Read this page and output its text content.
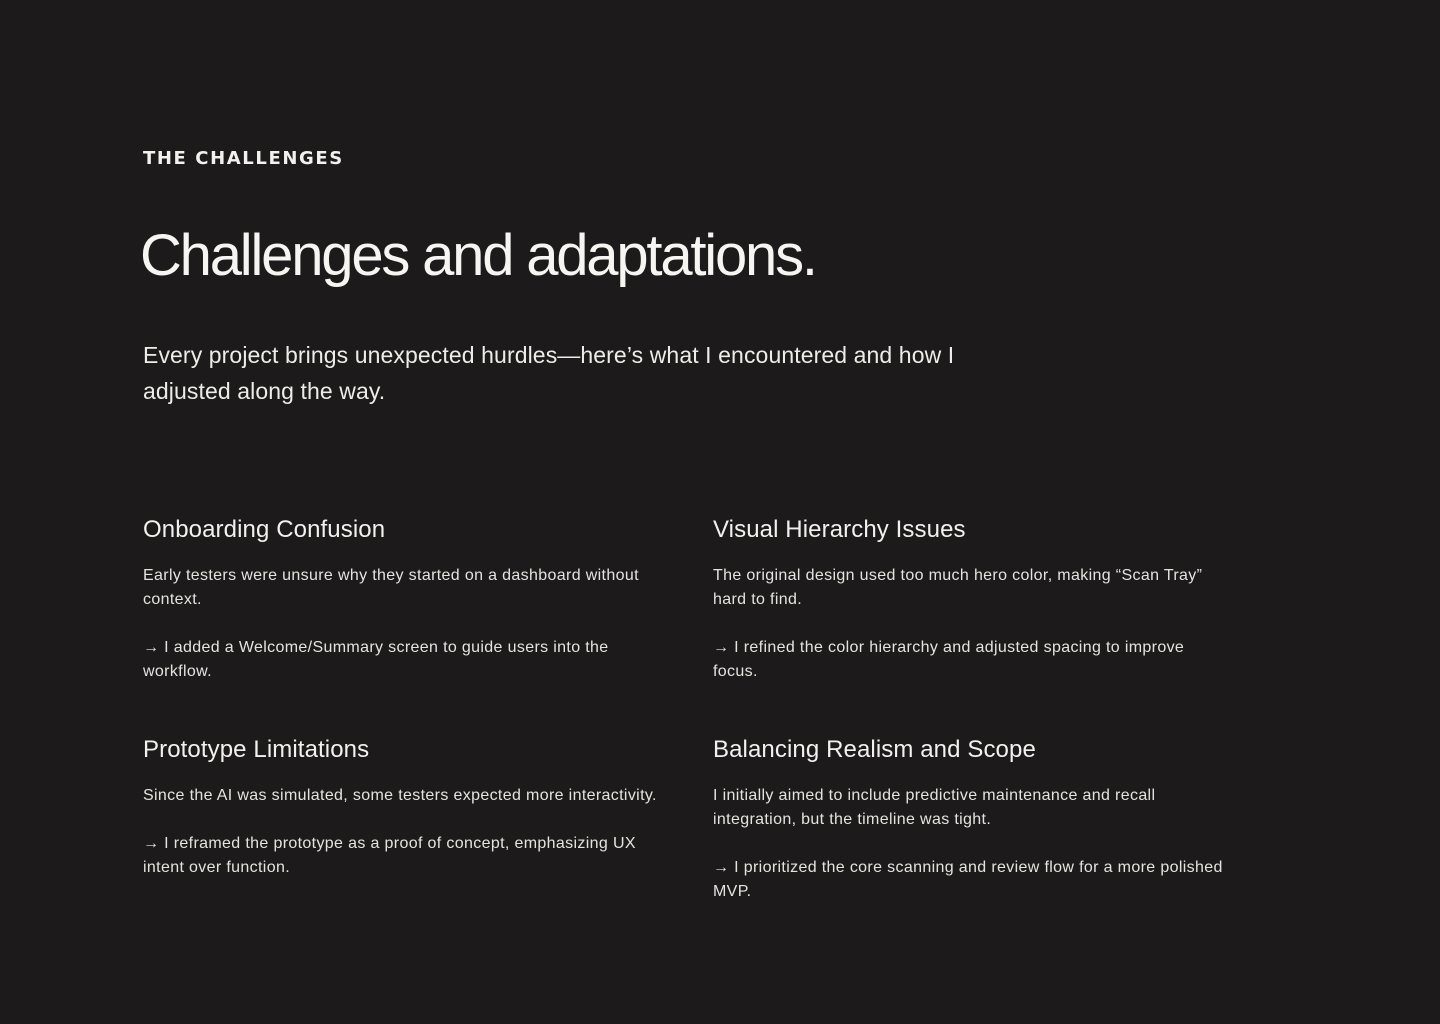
THE CHALLENGES

Challenges and adaptations.

Every project brings unexpected hurdles—here’s what I encountered and how I adjusted along the way.

Onboarding Confusion

Early testers were unsure why they started on a dashboard without context.

→ I added a Welcome/Summary screen to guide users into the workflow.

Visual Hierarchy Issues

The original design used too much hero color, making “Scan Tray” hard to find.

→ I refined the color hierarchy and adjusted spacing to improve focus.

Prototype Limitations

Since the AI was simulated, some testers expected more interactivity.

→ I reframed the prototype as a proof of concept, emphasizing UX intent over function.

Balancing Realism and Scope

I initially aimed to include predictive maintenance and recall integration, but the timeline was tight.

→ I prioritized the core scanning and review flow for a more polished MVP.
